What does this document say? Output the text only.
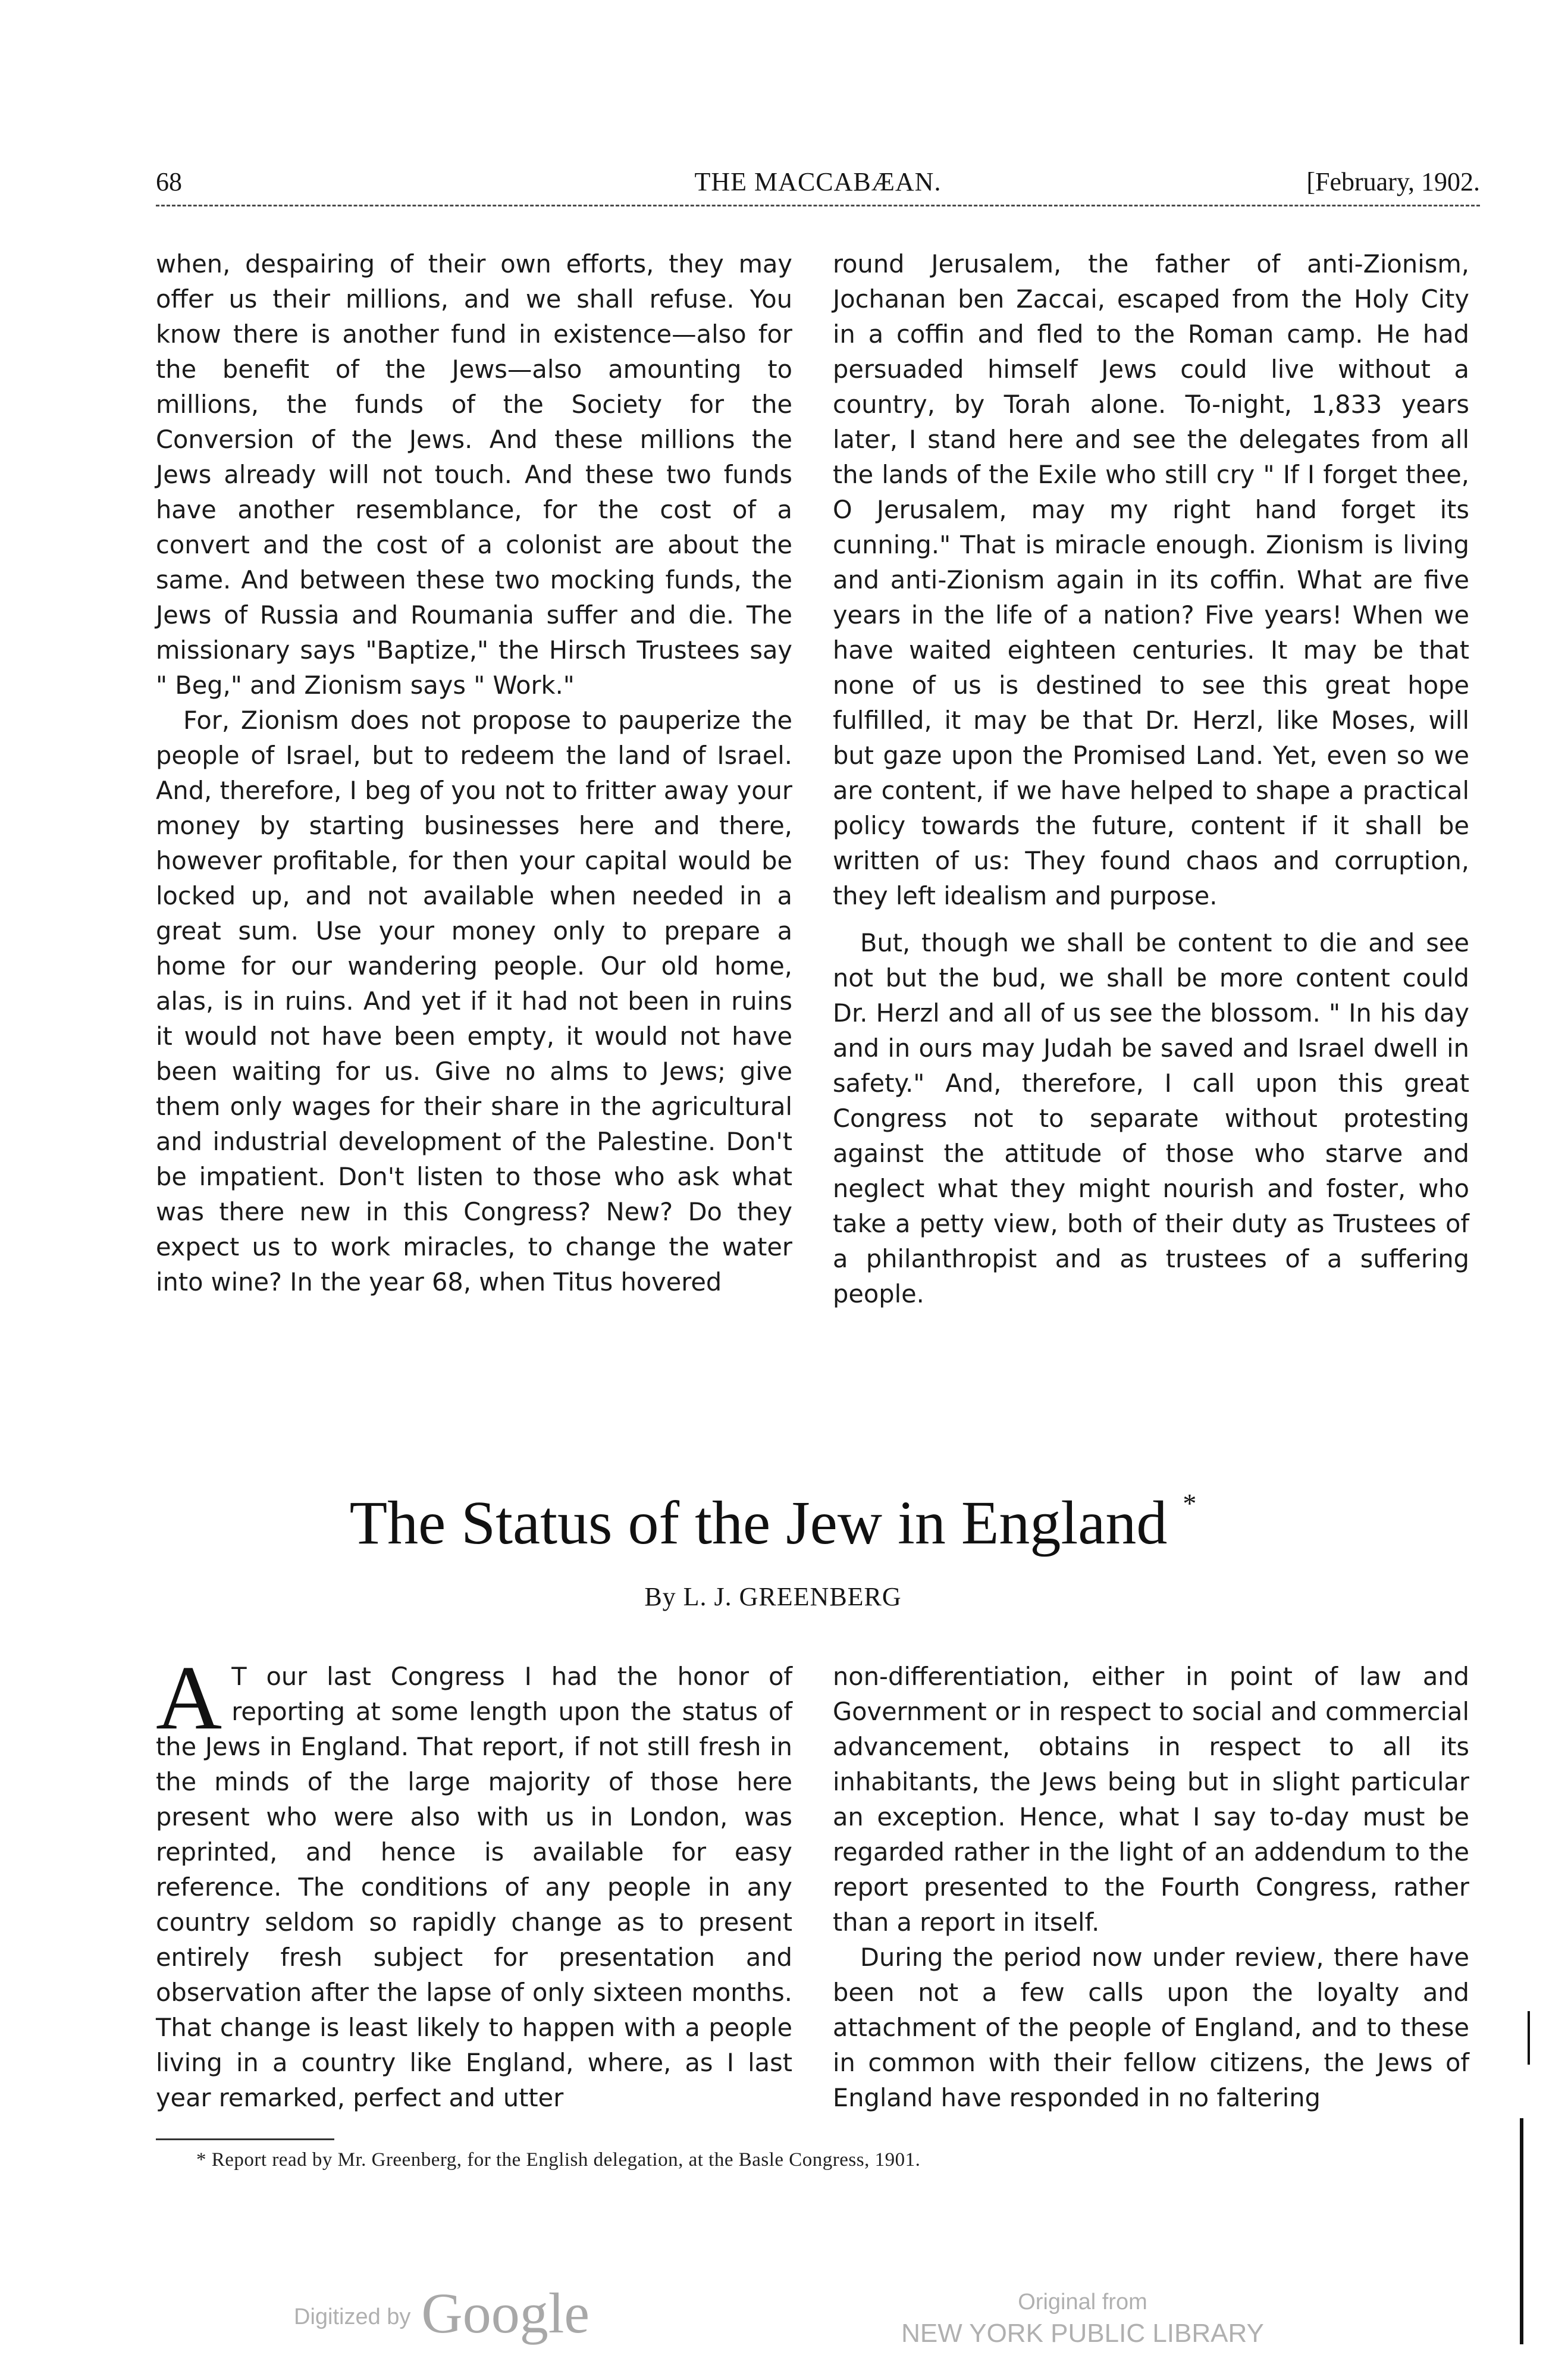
68	THE MACCABÆAN.	[February, 1902.

when, despairing of their own efforts, they may offer us their millions, and we shall refuse. You know there is another fund in existence—also for the benefit of the Jews—also amounting to millions, the funds of the Society for the Conversion of the Jews. And these millions the Jews already will not touch. And these two funds have another resemblance, for the cost of a convert and the cost of a colonist are about the same. And between these two mocking funds, the Jews of Russia and Roumania suffer and die. The missionary says "Baptize," the Hirsch Trustees say " Beg," and Zionism says " Work."

For, Zionism does not propose to pauperize the people of Israel, but to redeem the land of Israel. And, therefore, I beg of you not to fritter away your money by starting businesses here and there, however profitable, for then your capital would be locked up, and not available when needed in a great sum. Use your money only to prepare a home for our wandering people. Our old home, alas, is in ruins. And yet if it had not been in ruins it would not have been empty, it would not have been waiting for us. Give no alms to Jews; give them only wages for their share in the agricultural and industrial development of the Palestine. Don't be impatient. Don't listen to those who ask what was there new in this Congress? New? Do they expect us to work miracles, to change the water into wine? In the year 68, when Titus hovered

round Jerusalem, the father of anti-Zionism, Jochanan ben Zaccai, escaped from the Holy City in a coffin and fled to the Roman camp. He had persuaded himself Jews could live without a country, by Torah alone. To-night, 1,833 years later, I stand here and see the delegates from all the lands of the Exile who still cry " If I forget thee, O Jerusalem, may my right hand forget its cunning." That is miracle enough. Zionism is living and anti-Zionism again in its coffin. What are five years in the life of a nation? Five years! When we have waited eighteen centuries. It may be that none of us is destined to see this great hope fulfilled, it may be that Dr. Herzl, like Moses, will but gaze upon the Promised Land. Yet, even so we are content, if we have helped to shape a practical policy towards the future, content if it shall be written of us: They found chaos and corruption, they left idealism and purpose.

But, though we shall be content to die and see not but the bud, we shall be more content could Dr. Herzl and all of us see the blossom. " In his day and in ours may Judah be saved and Israel dwell in safety." And, therefore, I call upon this great Congress not to separate without protesting against the attitude of those who starve and neglect what they might nourish and foster, who take a petty view, both of their duty as Trustees of a philanthropist and as trustees of a suffering people.

The Status of the Jew in England *
By L. J. GREENBERG

A T our last Congress I had the honor of reporting at some length upon the status of the Jews in England. That report, if not still fresh in the minds of the large majority of those here present who were also with us in London, was reprinted, and hence is available for easy reference. The conditions of any people in any country seldom so rapidly change as to present entirely fresh subject for presentation and observation after the lapse of only sixteen months. That change is least likely to happen with a people living in a country like England, where, as I last year remarked, perfect and utter

non-differentiation, either in point of law and Government or in respect to social and commercial advancement, obtains in respect to all its inhabitants, the Jews being but in slight particular an exception. Hence, what I say to-day must be regarded rather in the light of an addendum to the report presented to the Fourth Congress, rather than a report in itself.

During the period now under review, there have been not a few calls upon the loyalty and attachment of the people of England, and to these in common with their fellow citizens, the Jews of England have responded in no faltering

* Report read by Mr. Greenberg, for the English delegation, at the Basle Congress, 1901.
Digitized by Google	Original from
NEW YORK PUBLIC LIBRARY
